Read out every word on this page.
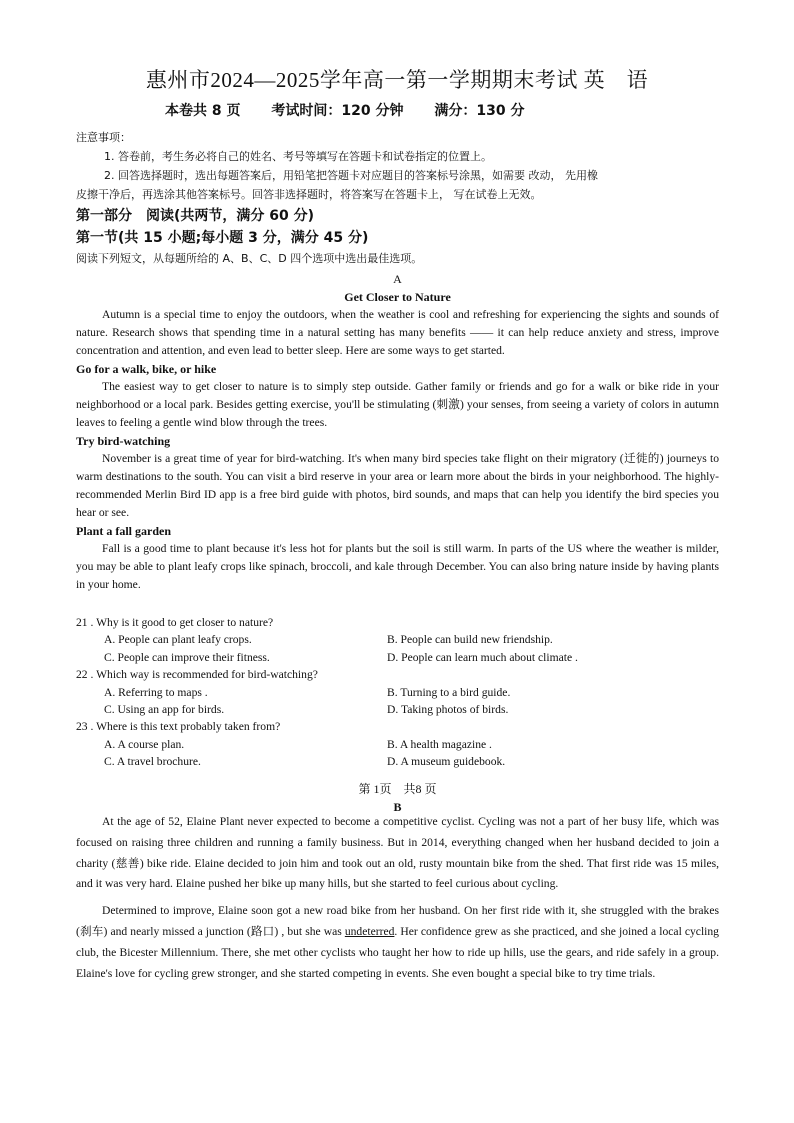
惠州市2024—2025学年高一第一学期期末考试 英　语
本卷共 8 页 考试时间：120 分钟 满分：130 分
注意事项：
1. 答卷前，考生务必将自己的姓名、考号等填写在答题卡和试卷指定的位置上。
2. 回答选择题时，选出每题答案后，用铅笔把答题卡对应题目的答案标号涂黑，如需要 改动， 先用橡
皮擦干净后，再选涂其他答案标号。回答非选择题时，将答案写在答题卡上， 写在试卷上无效。
第一部分　阅读(共两节，满分 60 分)
第一节(共 15 小题;每小题 3 分，满分 45 分)
阅读下列短文，从每题所给的 A、B、C、D 四个选项中选出最佳选项。
A
Get Closer to Nature
Autumn is a special time to enjoy the outdoors, when the weather is cool and refreshing for experiencing the sights and sounds of nature. Research shows that spending time in a natural setting has many benefits —— it can help reduce anxiety and stress, improve concentration and attention, and even lead to better sleep. Here are some ways to get started.
Go for a walk, bike, or hike
The easiest way to get closer to nature is to simply step outside. Gather family or friends and go for a walk or bike ride in your neighborhood or a local park. Besides getting exercise, you'll be stimulating (刺激) your senses, from seeing a variety of colors in autumn leaves to feeling a gentle wind blow through the trees.
Try bird-watching
November is a great time of year for bird-watching. It's when many bird species take flight on their migratory (迁徙的) journeys to warm destinations to the south. You can visit a bird reserve in your area or learn more about the birds in your neighborhood. The highly-recommended Merlin Bird ID app is a free bird guide with photos, bird sounds, and maps that can help you identify the bird species you hear or see.
Plant a fall garden
Fall is a good time to plant because it's less hot for plants but the soil is still warm. In parts of the US where the weather is milder, you may be able to plant leafy crops like spinach, broccoli, and kale through December. You can also bring nature inside by having plants in your home.
21 . Why is it good to get closer to nature?
A. People can plant leafy crops.	B. People can build new friendship.
C. People can improve their fitness.	D. People can learn much about climate .
22 . Which way is recommended for bird-watching?
A. Referring to maps .	B. Turning to a bird guide.
C. Using an app for birds.	D. Taking photos of birds.
23 . Where is this text probably taken from?
A. A course plan.	B. A health magazine .
C. A travel brochure.	D. A museum guidebook.
第 1页　共8 页
B
At the age of 52, Elaine Plant never expected to become a competitive cyclist. Cycling was not a part of her busy life, which was focused on raising three children and running a family business. But in 2014, everything changed when her husband decided to join a charity (慈善) bike ride. Elaine decided to join him and took out an old, rusty mountain bike from the shed. That first ride was 15 miles, and it was very hard. Elaine pushed her bike up many hills, but she started to feel curious about cycling.
Determined to improve, Elaine soon got a new road bike from her husband. On her first ride with it, she struggled with the brakes (刹车) and nearly missed a junction (路口) , but she was undeterred. Her confidence grew as she practiced, and she joined a local cycling club, the Bicester Millennium. There, she met other cyclists who taught her how to ride up hills, use the gears, and ride safely in a group. Elaine's love for cycling grew stronger, and she started competing in events. She even bought a special bike to try time trials.
